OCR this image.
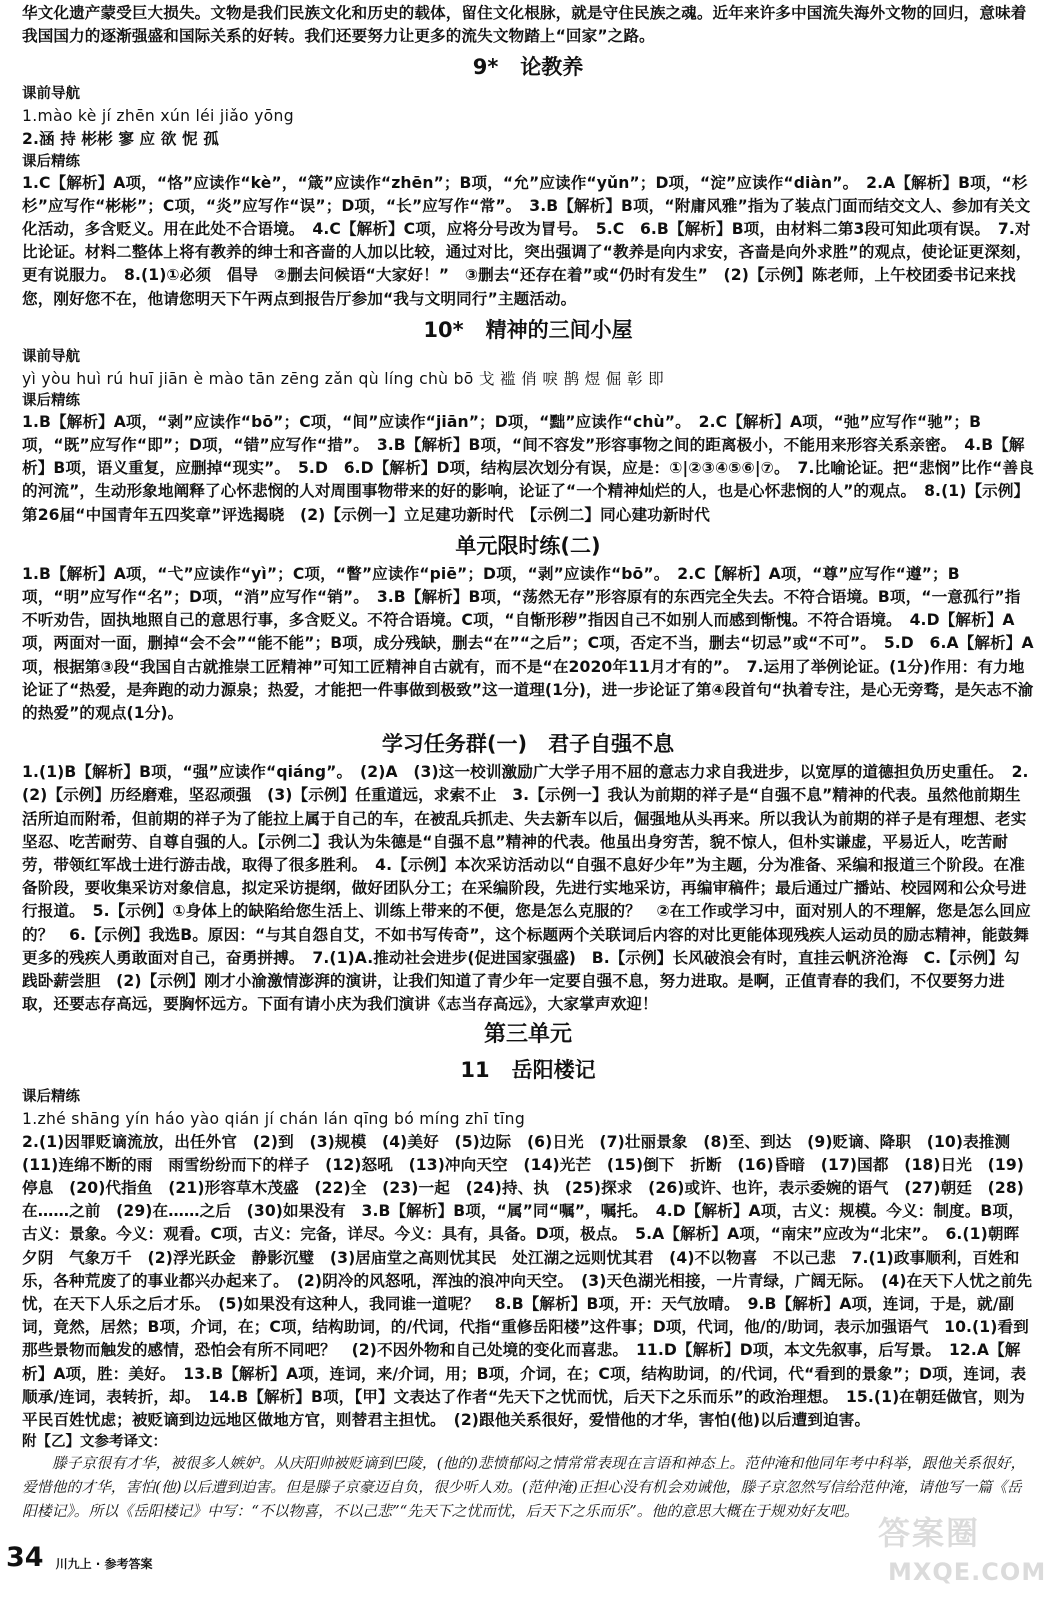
华文化遗产蒙受巨大损失。文物是我们民族文化和历史的载体，留住文化根脉，就是守住民族之魂。近年来许多中国流失海外文物的回归，意味着我国国力的逐渐强盛和国际关系的好转。我们还要努力让更多的流失文物踏上“回家”之路。

9* 论教养

课前导航

1.mào kè jí zhēn xún léi jiǎo yōng

2.涵 持 彬彬 寥 应 欲 怩 孤

课后精练

1.C【解析】A项，“恪”应读作“kè”，“箴”应读作“zhēn”；B项，“允”应读作“yǔn”；D项，“淀”应读作“diàn”。　2.A【解析】B项，“杉杉”应写作“彬彬”；C项，“炎”应写作“误”；D项，“长”应写作“常”。　3.B【解析】B项，“附庸风雅”指为了装点门面而结交文人、参加有关文化活动，多含贬义。用在此处不合语境。　4.C【解析】C项，应将分号改为冒号。　5.C　6.B【解析】B项，由材料二第3段可知此项有误。　7.对比论证。材料二整体上将有教养的绅士和吝啬的人加以比较，通过对比，突出强调了“教养是向内求安，吝啬是向外求胜”的观点，使论证更深刻，更有说服力。　8.(1)①必须　倡导　②删去问候语“大家好！”　③删去“还存在着”或“仍时有发生”　(2)【示例】陈老师，上午校团委书记来找您，刚好您不在，他请您明天下午两点到报告厅参加“我与文明同行”主题活动。

10* 精神的三间小屋

课前导航

yì yòu huì rú huī jiān è mào tān zēng zǎn qù líng chù bō 戈 褴 俏 唳 鹊 煜 倔 彰 即

课后精练

1.B【解析】A项，“剥”应读作“bō”；C项，“间”应读作“jiān”；D项，“黜”应读作“chù”。　2.C【解析】A项，“弛”应写作“驰”；B项，“既”应写作“即”；D项，“错”应写作“措”。　3.B【解析】B项，“间不容发”形容事物之间的距离极小，不能用来形容关系亲密。　4.B【解析】B项，语义重复，应删掉“现实”。　5.D　6.D【解析】D项，结构层次划分有误，应是：①|②③④⑤⑥|⑦。　7.比喻论证。把“悲悯”比作“善良的河流”，生动形象地阐释了心怀悲悯的人对周围事物带来的好的影响，论证了“一个精神灿烂的人，也是心怀悲悯的人”的观点。　8.(1)【示例】第26届“中国青年五四奖章”评选揭晓　(2)【示例一】立足建功新时代　【示例二】同心建功新时代

单元限时练(二)

1.B【解析】A项，“弋”应读作“yì”；C项，“瞥”应读作“piē”；D项，“剥”应读作“bō”。　2.C【解析】A项，“尊”应写作“遵”；B项，“明”应写作“名”；D项，“消”应写作“销”。　3.B【解析】B项，“荡然无存”形容原有的东西完全失去。不符合语境。B项，“一意孤行”指不听劝告，固执地照自己的意思行事，多含贬义。不符合语境。C项，“自惭形秽”指因自己不如别人而感到惭愧。不符合语境。　4.D【解析】A项，两面对一面，删掉“会不会”“能不能”；B项，成分残缺，删去“在”“之后”；C项，否定不当，删去“切忌”或“不可”。　5.D　6.A【解析】A项，根据第③段“我国自古就推崇工匠精神”可知工匠精神自古就有，而不是“在2020年11月才有的”。　7.运用了举例论证。(1分)作用：有力地论证了“热爱，是奔跑的动力源泉；热爱，才能把一件事做到极致”这一道理(1分)，进一步论证了第④段首句“执着专注，是心无旁骛，是矢志不渝的热爱”的观点(1分)。

学习任务群(一)　君子自强不息

1.(1)B【解析】B项，“强”应读作“qiáng”。　(2)A　(3)这一校训激励广大学子用不屈的意志力求自我进步，以宽厚的道德担负历史重任。　2.(2)【示例】历经磨难，坚忍顽强　(3)【示例】任重道远，求索不止　3.【示例一】我认为前期的祥子是“自强不息”精神的代表。虽然他前期生活所迫而附希，但前期的祥子为了能拉上属于自己的车，在被乱兵抓走、失去新车以后，倔强地从头再来。所以我认为前期的祥子是有理想、老实坚忍、吃苦耐劳、自尊自强的人。【示例二】我认为朱德是“自强不息”精神的代表。他虽出身穷苦，貌不惊人，但朴实谦虚，平易近人，吃苦耐劳，带领红军战士进行游击战，取得了很多胜利。　4.【示例】本次采访活动以“自强不息好少年”为主题，分为准备、采编和报道三个阶段。在准备阶段，要收集采访对象信息，拟定采访提纲，做好团队分工；在采编阶段，先进行实地采访，再编审稿件；最后通过广播站、校园网和公众号进行报道。　5.【示例】①身体上的缺陷给您生活上、训练上带来的不便，您是怎么克服的？　②在工作或学习中，面对别人的不理解，您是怎么回应的？　6.【示例】我选B。原因：“与其自怨自艾，不如书写传奇”，这个标题两个关联词后内容的对比更能体现残疾人运动员的励志精神，能鼓舞更多的残疾人勇敢面对自己，奋勇拼搏。　7.(1)A.推动社会进步(促进国家强盛)　B.【示例】长风破浪会有时，直挂云帆济沧海　C.【示例】勾践卧薪尝胆　(2)【示例】刚才小渝激情澎湃的演讲，让我们知道了青少年一定要自强不息，努力进取。是啊，正值青春的我们，不仅要努力进取，还要志存高远，要胸怀远方。下面有请小庆为我们演讲《志当存高远》，大家掌声欢迎！

第三单元
11 岳阳楼记

课后精练

1.zhé shāng yín háo yào qián jí chán lán qīng bó míng zhī tīng

2.(1)因罪贬谪流放，出任外官　(2)到　(3)规模　(4)美好　(5)边际　(6)日光　(7)壮丽景象　(8)至、到达　(9)贬谪、降职　(10)表推测　(11)连绵不断的雨　雨雪纷纷而下的样子　(12)怒吼　(13)冲向天空　(14)光芒　(15)倒下　折断　(16)昏暗　(17)国都　(18)日光　(19)停息　(20)代指鱼　(21)形容草木茂盛　(22)全　(23)一起　(24)持、执　(25)探求　(26)或许、也许，表示委婉的语气　(27)朝廷　(28)在……之前　(29)在……之后　(30)如果没有　3.B【解析】B项，“属”同“嘱”，嘱托。　4.D【解析】A项，古义：规模。今义：制度。B项，古义：景象。今义：观看。C项，古义：完备，详尽。今义：具有，具备。D项，极点。　5.A【解析】A项，“南宋”应改为“北宋”。　6.(1)朝晖夕阴　气象万千　(2)浮光跃金　静影沉璧　(3)居庙堂之高则忧其民　处江湖之远则忧其君　(4)不以物喜　不以己悲　7.(1)政事顺利，百姓和乐，各种荒废了的事业都兴办起来了。　(2)阴冷的风怒吼，浑浊的浪冲向天空。　(3)天色湖光相接，一片青绿，广阔无际。　(4)在天下人忧之前先忧，在天下人乐之后才乐。　(5)如果没有这种人，我同谁一道呢？　8.B【解析】B项，开：天气放晴。　9.B【解析】A项，连词，于是，就/副词，竟然，居然；B项，介词，在；C项，结构助词，的/代词，代指“重修岳阳楼”这件事；D项，代词，他/的/助词，表示加强语气　10.(1)看到那些景物而触发的感情，恐怕会有所不同吧？　(2)不因外物和自己处境的变化而喜悲。　11.D【解析】D项，本文先叙事，后写景。　12.A【解析】A项，胜：美好。　13.B【解析】A项，连词，来/介词，用；B项，介词，在；C项，结构助词，的/代词，代“看到的景象”；D项，连词，表顺承/连词，表转折，却。　14.B【解析】B项，【甲】文表达了作者“先天下之忧而忧，后天下之乐而乐”的政治理想。　15.(1)在朝廷做官，则为平民百姓忧虑；被贬谪到边远地区做地方官，则替君主担忧。　(2)跟他关系很好，爱惜他的才华，害怕(他)以后遭到迫害。

附【乙】文参考译文：

滕子京很有才华，被很多人嫉妒。从庆阳帅被贬谪到巴陵，(他的)悲愤郁闷之情常常表现在言语和神态上。范仲淹和他同年考中科举，跟他关系很好，爱惜他的才华，害怕(他)以后遭到迫害。但是滕子京豪迈自负，很少听人劝。(范仲淹)正担心没有机会劝诫他，滕子京忽然写信给范仲淹，请他写一篇《岳阳楼记》。所以《岳阳楼记》中写：“不以物喜，不以己悲”“先天下之忧而忧，后天下之乐而乐”。他的意思大概在于规劝好友吧。

34 川九上 · 参考答案
答案圈
MXQE.COM
